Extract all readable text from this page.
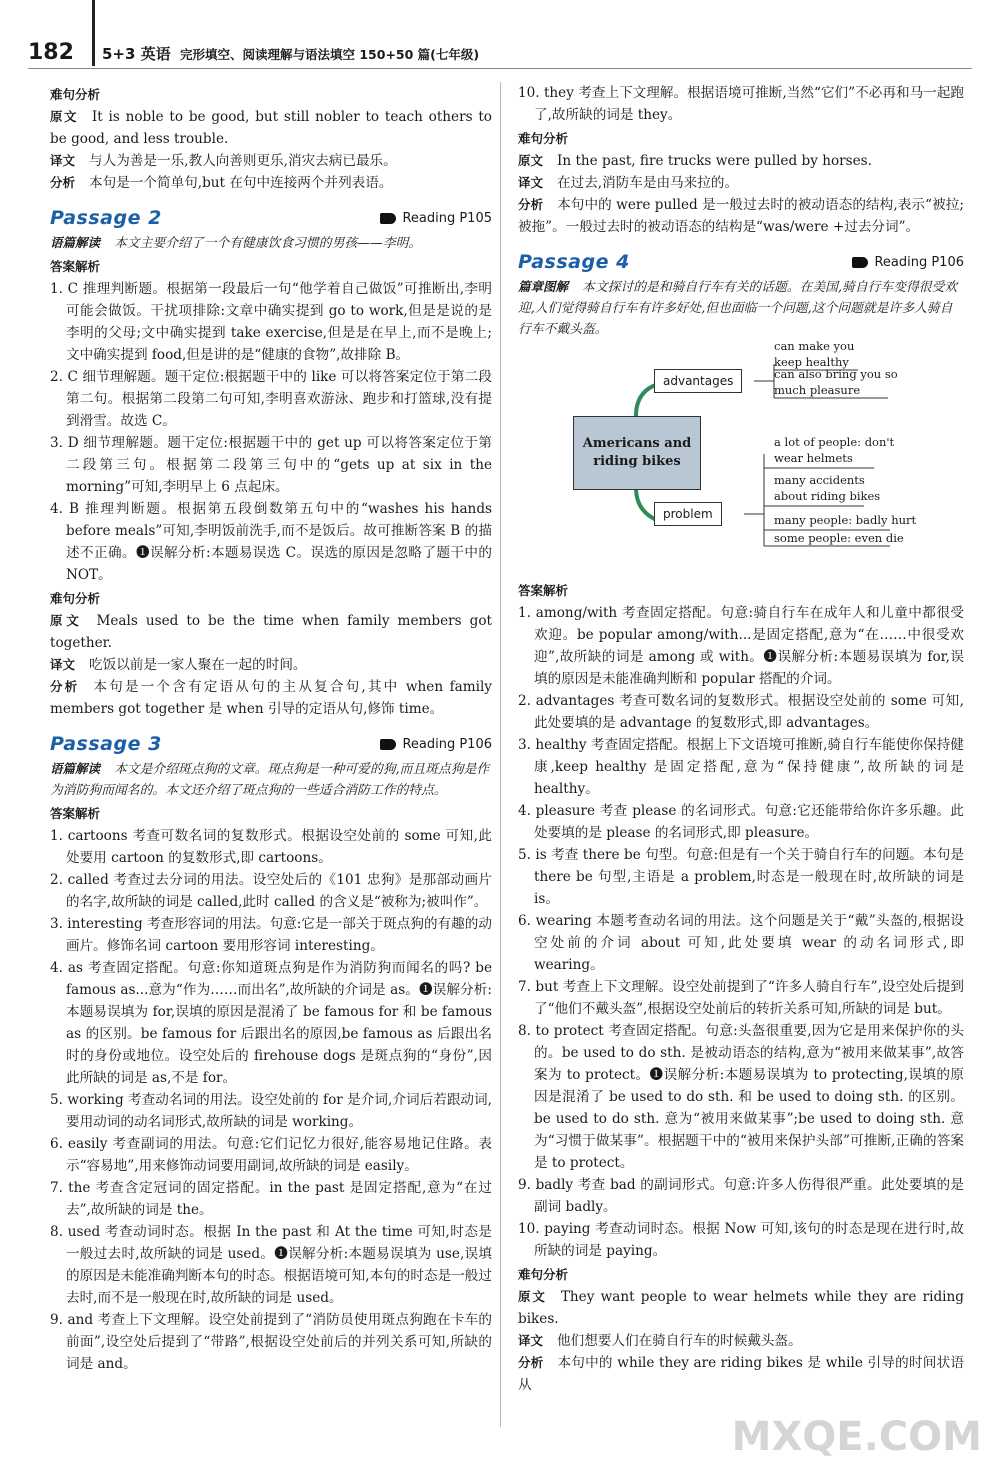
182 5+3 英语 完形填空、阅读理解与语法填空 150+50 篇(七年级)
难句分析
原文 It is noble to be good, but still nobler to teach others to be good, and less trouble.
译文 与人为善是一乐,教人向善则更乐,消灾去病已最乐。
分析 本句是一个简单句,but 在句中连接两个并列表语。
Passage 2	Reading P105
语篇解读 本文主要介绍了一个有健康饮食习惯的男孩——李明。
答案解析
1. C 推理判断题。根据第一段最后一句“他学着自己做饭”可推断出,李明可能会做饭。干扰项排除:文章中确实提到 go to work,但是是说的是李明的父母;文中确实提到 take exercise,但是是在早上,而不是晚上;文中确实提到 food,但是讲的是“健康的食物”,故排除 B。
2. C 细节理解题。题干定位:根据题干中的 like 可以将答案定位于第二段第二句。根据第二段第二句可知,李明喜欢游泳、跑步和打篮球,没有提到滑雪。故选 C。
3. D 细节理解题。题干定位:根据题干中的 get up 可以将答案定位于第二段第三句。根据第二段第三句中的“gets up at six in the morning”可知,李明早上 6 点起床。
4. B 推理判断题。根据第五段倒数第五句中的“washes his hands before meals”可知,李明饭前洗手,而不是饭后。故可推断答案 B 的描述不正确。❶误解分析:本题易误选 C。误选的原因是忽略了题干中的 NOT。
难句分析
原文 Meals used to be the time when family members got together.
译文 吃饭以前是一家人聚在一起的时间。
分析 本句是一个含有定语从句的主从复合句,其中 when family members got together 是 when 引导的定语从句,修饰 time。
Passage 3	Reading P106
语篇解读 本文是介绍斑点狗的文章。斑点狗是一种可爱的狗,而且斑点狗是作为消防狗而闻名的。本文还介绍了斑点狗的一些适合消防工作的特点。
答案解析
1. cartoons 考查可数名词的复数形式。根据设空处前的 some 可知,此处要用 cartoon 的复数形式,即 cartoons。
2. called 考查过去分词的用法。设空处后的《101 忠狗》是那部动画片的名字,故所缺的词是 called,此时 called 的含义是“被称为;被叫作”。
3. interesting 考查形容词的用法。句意:它是一部关于斑点狗的有趣的动画片。修饰名词 cartoon 要用形容词 interesting。
4. as 考查固定搭配。句意:你知道斑点狗是作为消防狗而闻名的吗? be famous as...意为“作为……而出名”,故所缺的介词是 as。❶误解分析:本题易误填为 for,误填的原因是混淆了 be famous for 和 be famous as 的区别。be famous for 后跟出名的原因,be famous as 后跟出名时的身份或地位。设空处后的 firehouse dogs 是斑点狗的“身份”,因此所缺的词是 as,不是 for。
5. working 考查动名词的用法。设空处前的 for 是介词,介词后若跟动词,要用动词的动名词形式,故所缺的词是 working。
6. easily 考查副词的用法。句意:它们记忆力很好,能容易地记住路。表示“容易地”,用来修饰动词要用副词,故所缺的词是 easily。
7. the 考查含定冠词的固定搭配。in the past 是固定搭配,意为“在过去”,故所缺的词是 the。
8. used 考查动词时态。根据 In the past 和 At the time 可知,时态是一般过去时,故所缺的词是 used。❶误解分析:本题易误填为 use,误填的原因是未能准确判断本句的时态。根据语境可知,本句的时态是一般过去时,而不是一般现在时,故所缺的词是 used。
9. and 考查上下文理解。设空处前提到了“消防员使用斑点狗跑在卡车的前面”,设空处后提到了“带路”,根据设空处前后的并列关系可知,所缺的词是 and。
10. they 考查上下文理解。根据语境可推断,当然“它们”不必再和马一起跑了,故所缺的词是 they。
难句分析
原文 In the past, fire trucks were pulled by horses.
译文 在过去,消防车是由马来拉的。
分析 本句中的 were pulled 是一般过去时的被动语态的结构,表示“被拉;被拖”。一般过去时的被动语态的结构是“was/were +过去分词”。
Passage 4	Reading P106
篇章图解 本文探讨的是和骑自行车有关的话题。在美国,骑自行车变得很受欢迎,人们觉得骑自行车有许多好处,但也面临一个问题,这个问题就是许多人骑自行车不戴头盔。
Americans and riding bikes
advantages
problem
can make you keep healthy
can also bring you so much pleasure
a lot of people: don't wear helmets
many accidents about riding bikes
many people: badly hurt
some people: even die
答案解析
1. among/with 考查固定搭配。句意:骑自行车在成年人和儿童中都很受欢迎。be popular among/with...是固定搭配,意为“在……中很受欢迎”,故所缺的词是 among 或 with。❶误解分析:本题易误填为 for,误填的原因是未能准确判断和 popular 搭配的介词。
2. advantages 考查可数名词的复数形式。根据设空处前的 some 可知,此处要填的是 advantage 的复数形式,即 advantages。
3. healthy 考查固定搭配。根据上下文语境可推断,骑自行车能使你保持健康,keep healthy 是固定搭配,意为“保持健康”,故所缺的词是 healthy。
4. pleasure 考查 please 的名词形式。句意:它还能带给你许多乐趣。此处要填的是 please 的名词形式,即 pleasure。
5. is 考查 there be 句型。句意:但是有一个关于骑自行车的问题。本句是 there be 句型,主语是 a problem,时态是一般现在时,故所缺的词是 is。
6. wearing 本题考查动名词的用法。这个问题是关于“戴”头盔的,根据设空处前的介词 about 可知,此处要填 wear 的动名词形式,即 wearing。
7. but 考查上下文理解。设空处前提到了“许多人骑自行车”,设空处后提到了“他们不戴头盔”,根据设空处前后的转折关系可知,所缺的词是 but。
8. to protect 考查固定搭配。句意:头盔很重要,因为它是用来保护你的头的。be used to do sth. 是被动语态的结构,意为“被用来做某事”,故答案为 to protect。❶误解分析:本题易误填为 to protecting,误填的原因是混淆了 be used to do sth. 和 be used to doing sth. 的区别。be used to do sth. 意为“被用来做某事”;be used to doing sth. 意为“习惯于做某事”。根据题干中的“被用来保护头部”可推断,正确的答案是 to protect。
9. badly 考查 bad 的副词形式。句意:许多人伤得很严重。此处要填的是副词 badly。
10. paying 考查动词时态。根据 Now 可知,该句的时态是现在进行时,故所缺的词是 paying。
难句分析
原文 They want people to wear helmets while they are riding bikes.
译文 他们想要人们在骑自行车的时候戴头盔。
分析 本句中的 while they are riding bikes 是 while 引导的时间状语从
MXQE.COM
